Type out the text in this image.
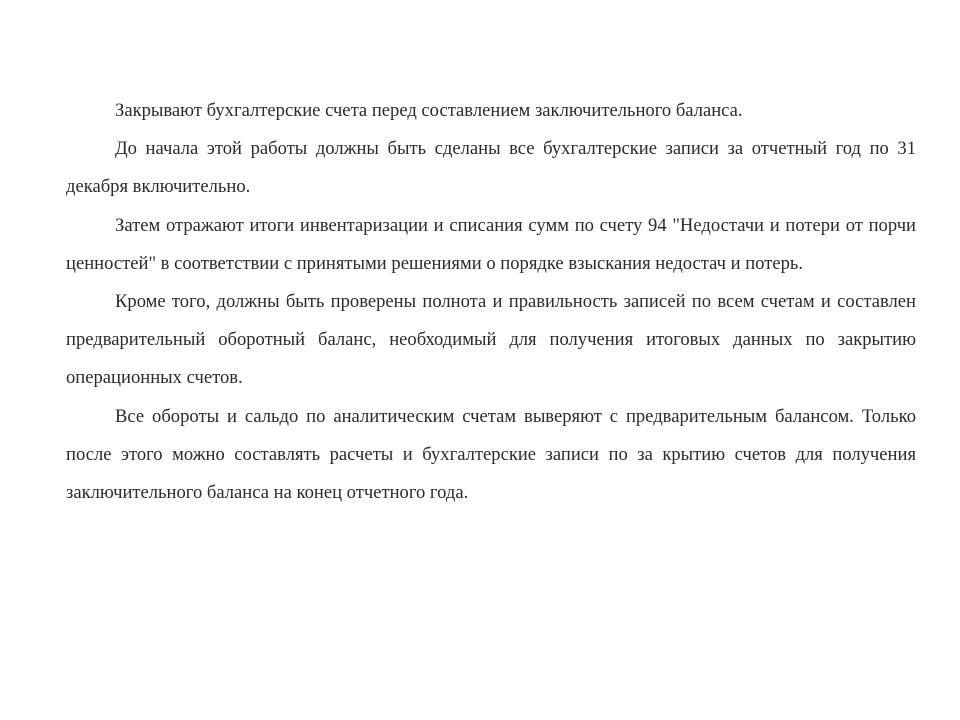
Закрывают бухгалтерские счета перед составлением заключительного баланса.

До начала этой работы должны быть сделаны все бухгалтерские записи за отчетный год по 31 декабря включительно.

Затем отражают итоги инвентаризации и списания сумм по счету 94 "Недостачи и потери от порчи ценностей" в соответствии с принятыми решениями о порядке взыскания недостач и потерь.

Кроме того, должны быть проверены полнота и правильность записей по всем счетам и составлен предварительный оборотный баланс, необходимый для получения итоговых данных по закрытию операционных счетов.

Все обороты и сальдо по аналитическим счетам выверяют с предварительным балансом. Только после этого можно составлять расчеты и бухгалтерские записи по за крытию счетов для получения заключительного баланса на конец отчетного года.
